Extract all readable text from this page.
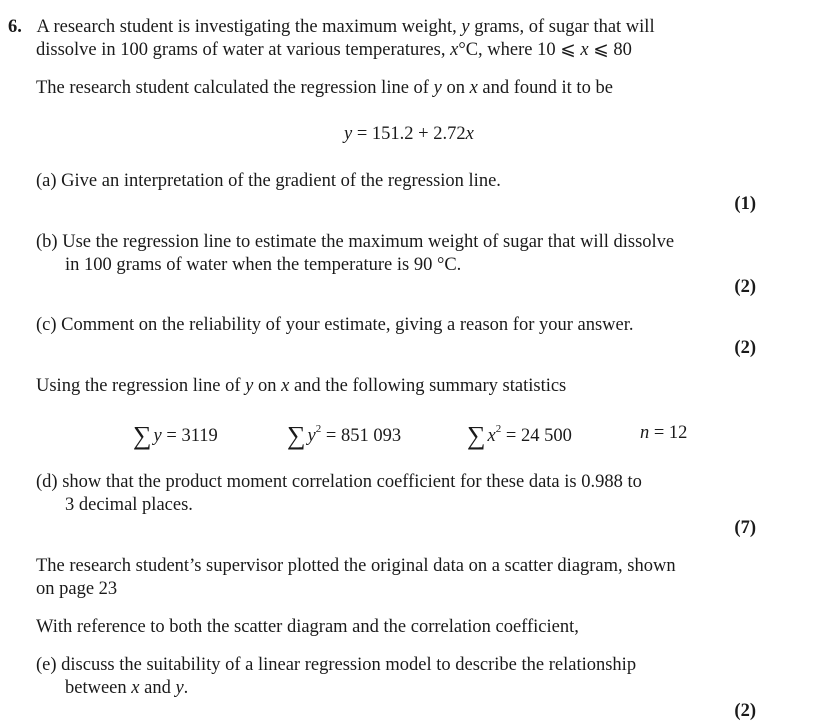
6. A research student is investigating the maximum weight, y grams, of sugar that will
dissolve in 100 grams of water at various temperatures, x°C, where 10 ⩽ x ⩽ 80
The research student calculated the regression line of y on x and found it to be
y = 151.2 + 2.72x
(a) Give an interpretation of the gradient of the regression line.
(1)
(b) Use the regression line to estimate the maximum weight of sugar that will dissolve
in 100 grams of water when the temperature is 90 °C.
(2)
(c) Comment on the reliability of your estimate, giving a reason for your answer.
(2)
Using the regression line of y on x and the following summary statistics
∑ y = 3119	∑ $y^2 = 851$ 093	∑ $x^2 = 24$ 500	n = 12
(d) show that the product moment correlation coefficient for these data is 0.988 to
3 decimal places.
(7)
The research student’s supervisor plotted the original data on a scatter diagram, shown
on page 23
With reference to both the scatter diagram and the correlation coefficient,
(e) discuss the suitability of a linear regression model to describe the relationship
between x and y.
(2)
